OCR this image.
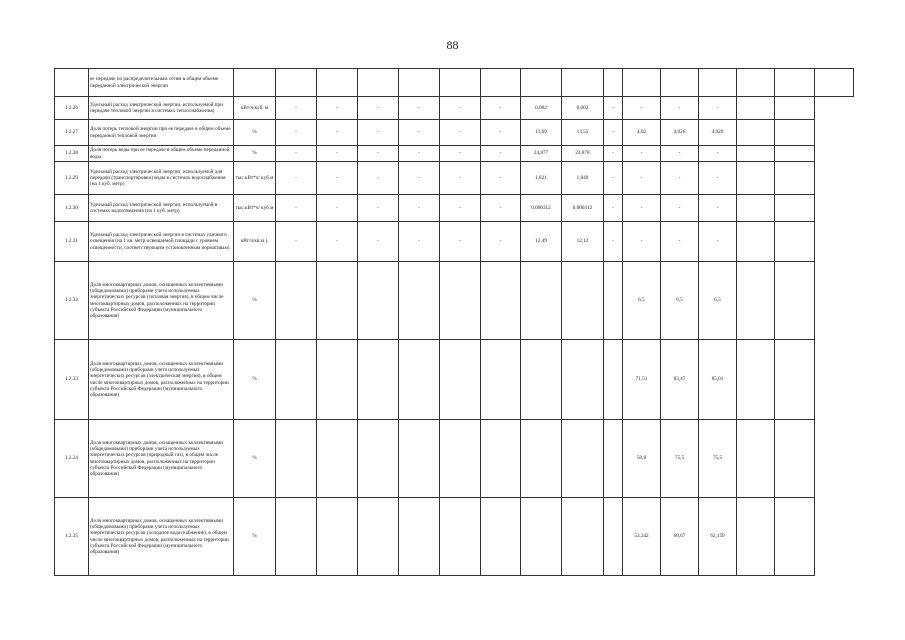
88
	ее передаче по распределительным сетям в общем объеме переданной электрической энергии																
1.2.26	Удельный расход электрической энергии, используемой при передаче тепловой энергии в системах теплоснабжения)	кВт/ч/куб. м	-	-	-	-	-	-	0,002	0,002	-	-	-	-			
1.2.27	Доля потерь тепловой энергии при ее передаче в общем объеме переданной тепловой энергии	%	-	-	-	-	-	-	13,69	13,55	-	4,02	4,026	4,026			
1.2.28	Доля потерь воды при ее передаче в общем объеме переданной воды	%	-	-	-	-	-	-	24,877	24,878	-	-	-	-			
1.2.29	Удельный расход электрической энергии, используемой для передачи (транспортировки) воды в системах водоснабжения (на 1 куб. метр)	тыс.кВт*ч/ куб.м	-	-	-	-	-	-	1,821	1,840	-	-	-	-			
1.2.30	Удельный расход электрической энергии, используемой в системах водоотведения (на 1 куб. метр)	тыс.кВт*ч/ куб.м	-	-	-	-	-	-	0,000312	0,000312	-	-	-	-			
1.2.31	Удельный расход электрической энергии в системах уличного освещения (на 1 кв. метр освещаемой площади с уровнем освещенности, соответствующим установленным нормативам)	кВт/ч/кв.м ).	-	-	-	-	-	-	12,49	12,12	-	-	-	-			
1.2.32	Доля многоквартирных домов, оснащенных коллективными (общедомовыми) приборами учета используемых энергетических ресурсов (тепловая энергия), в общем числе многоквартирных домов, расположенных на территории субъекта Российской Федерации (муниципального образования)	%										6,5	6,5	6,5			
1.2.33	Доля многоквартирных домов, оснащенных коллективными (общедомовыми) приборами учета используемых энергетических ресурсов (электрическая энергия), в общем числе многоквартирных домов, расположенных на территории субъекта Российской Федерации (муниципального образования)	%										71,51	83,47	85,01			
1.2.34	Доля многоквартирных домов, оснащенных коллективными (общедомовыми) приборами учета используемых энергетических ресурсов (природный газ), в общем числе многоквартирных домов, расположенных на территории субъекта Российской Федерации (муниципального образования)	%										50,8	75,5	75,5			
1.2.35	Доля многоквартирных домов, оснащенных коллективными (общедомовыми) приборами учета используемых энергетических ресурсов (холодное водоснабжение), в общем числе многоквартирных домов, расположенных на территории субъекта Российской Федерации (муниципального образования)	%										53,342	60,67	62,159			
